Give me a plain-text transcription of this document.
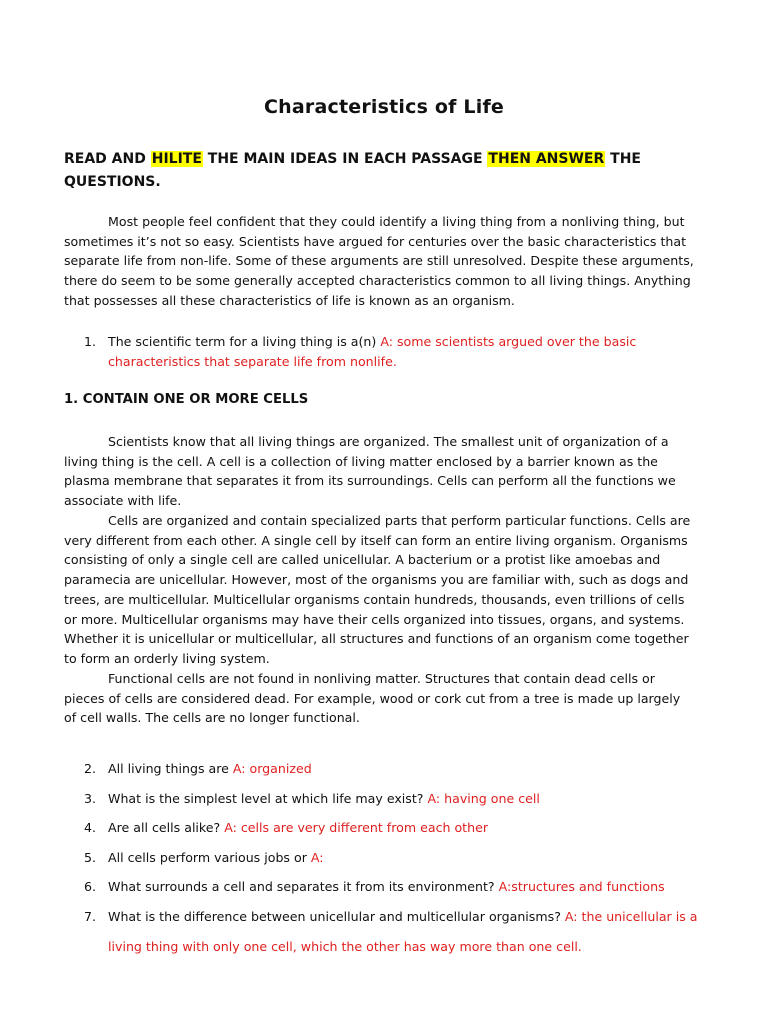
Characteristics of Life
READ AND HILITE THE MAIN IDEAS IN EACH PASSAGE THEN ANSWER THE QUESTIONS.

Most people feel confident that they could identify a living thing from a nonliving thing, but sometimes it’s not so easy. Scientists have argued for centuries over the basic characteristics that separate life from non-life. Some of these arguments are still unresolved. Despite these arguments, there do seem to be some generally accepted characteristics common to all living things. Anything that possesses all these characteristics of life is known as an organism.

1. The scientific term for a living thing is a(n) A: some scientists argued over the basic characteristics that separate life from nonlife.
1. CONTAIN ONE OR MORE CELLS

Scientists know that all living things are organized. The smallest unit of organization of a living thing is the cell. A cell is a collection of living matter enclosed by a barrier known as the plasma membrane that separates it from its surroundings. Cells can perform all the functions we associate with life.

Cells are organized and contain specialized parts that perform particular functions. Cells are very different from each other. A single cell by itself can form an entire living organism. Organisms consisting of only a single cell are called unicellular. A bacterium or a protist like amoebas and paramecia are unicellular. However, most of the organisms you are familiar with, such as dogs and trees, are multicellular. Multicellular organisms contain hundreds, thousands, even trillions of cells or more. Multicellular organisms may have their cells organized into tissues, organs, and systems. Whether it is unicellular or multicellular, all structures and functions of an organism come together to form an orderly living system.

Functional cells are not found in nonliving matter. Structures that contain dead cells or pieces of cells are considered dead. For example, wood or cork cut from a tree is made up largely of cell walls. The cells are no longer functional.

2. All living things are A: organized
3. What is the simplest level at which life may exist? A: having one cell
4. Are all cells alike? A: cells are very different from each other
5. All cells perform various jobs or A:
6. What surrounds a cell and separates it from its environment? A:structures and functions
7. What is the difference between unicellular and multicellular organisms? A: the unicellular is a living thing with only one cell, which the other has way more than one cell.
